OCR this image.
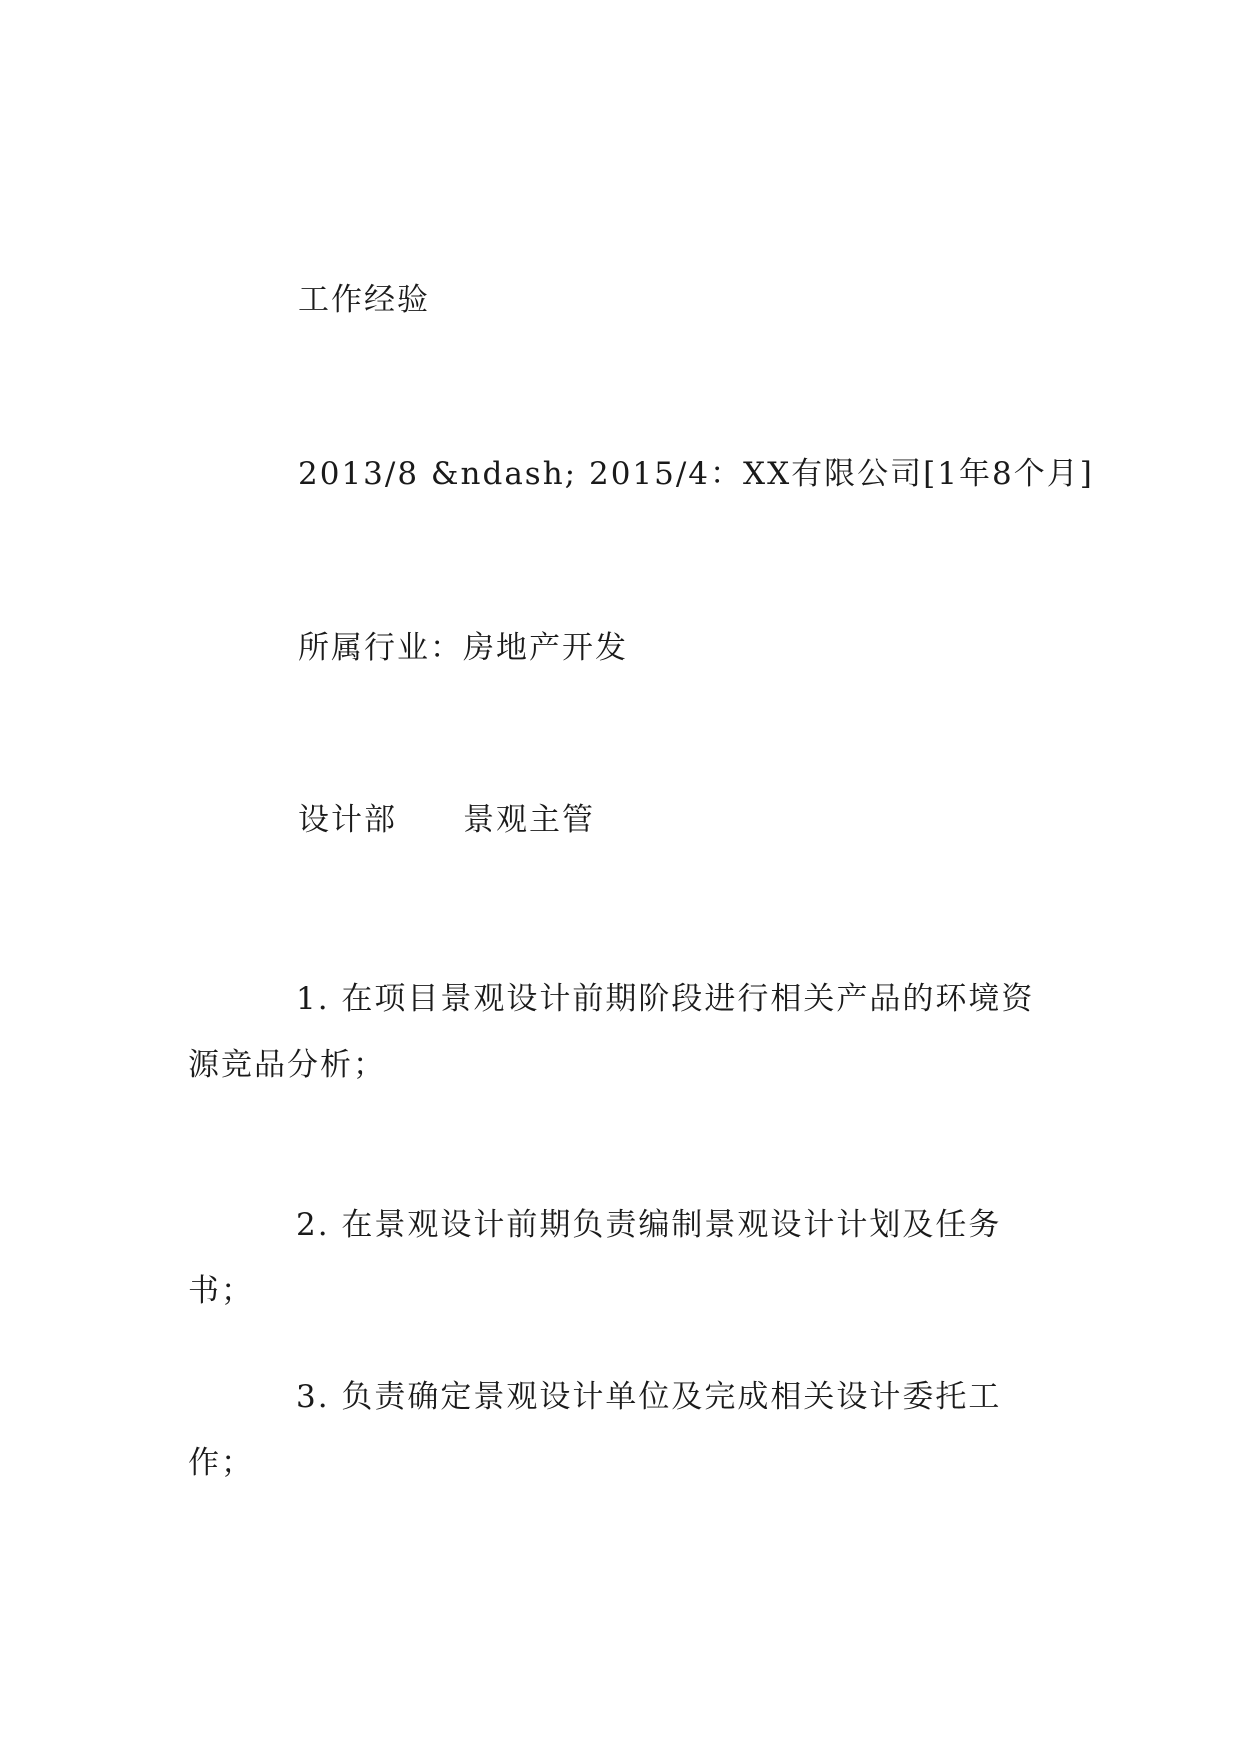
工作经验
2013/8 &ndash; 2015/4：XX有限公司[1年8个月]
所属行业：房地产开发
设计部 景观主管
1. 在项目景观设计前期阶段进行相关产品的环境资源竞品分析；
2. 在景观设计前期负责编制景观设计计划及任务书；
3. 负责确定景观设计单位及完成相关设计委托工作；
